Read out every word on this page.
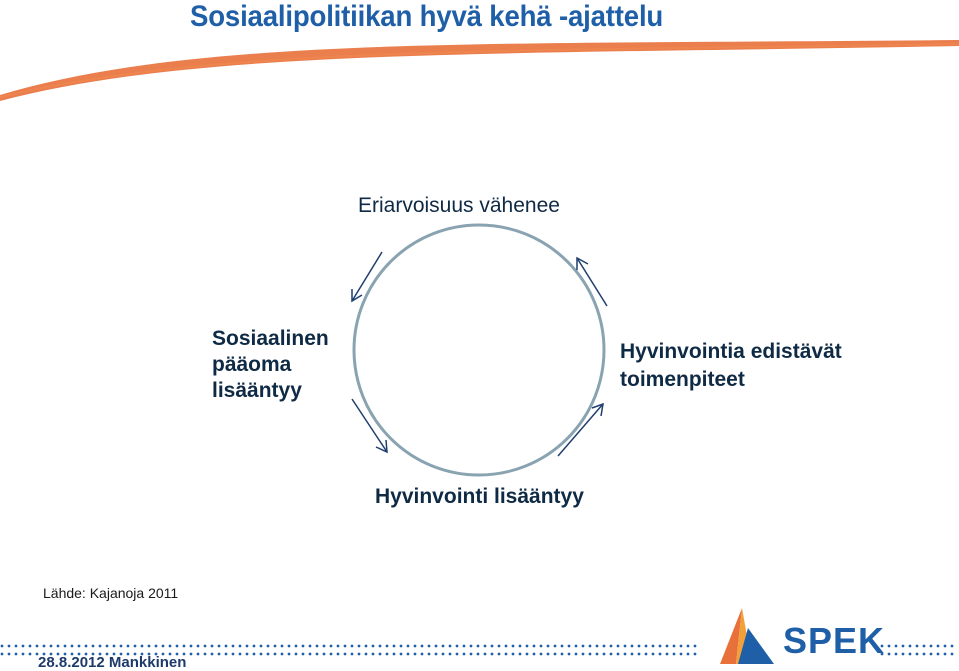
Sosiaalipolitiikan hyvä kehä -ajattelu
Eriarvoisuus vähenee
Sosiaalinen
pääoma
lisääntyy
Hyvinvointia edistävät
toimenpiteet
Hyvinvointi lisääntyy
Lähde: Kajanoja 2011
28.8.2012 Mankkinen
SPEK
